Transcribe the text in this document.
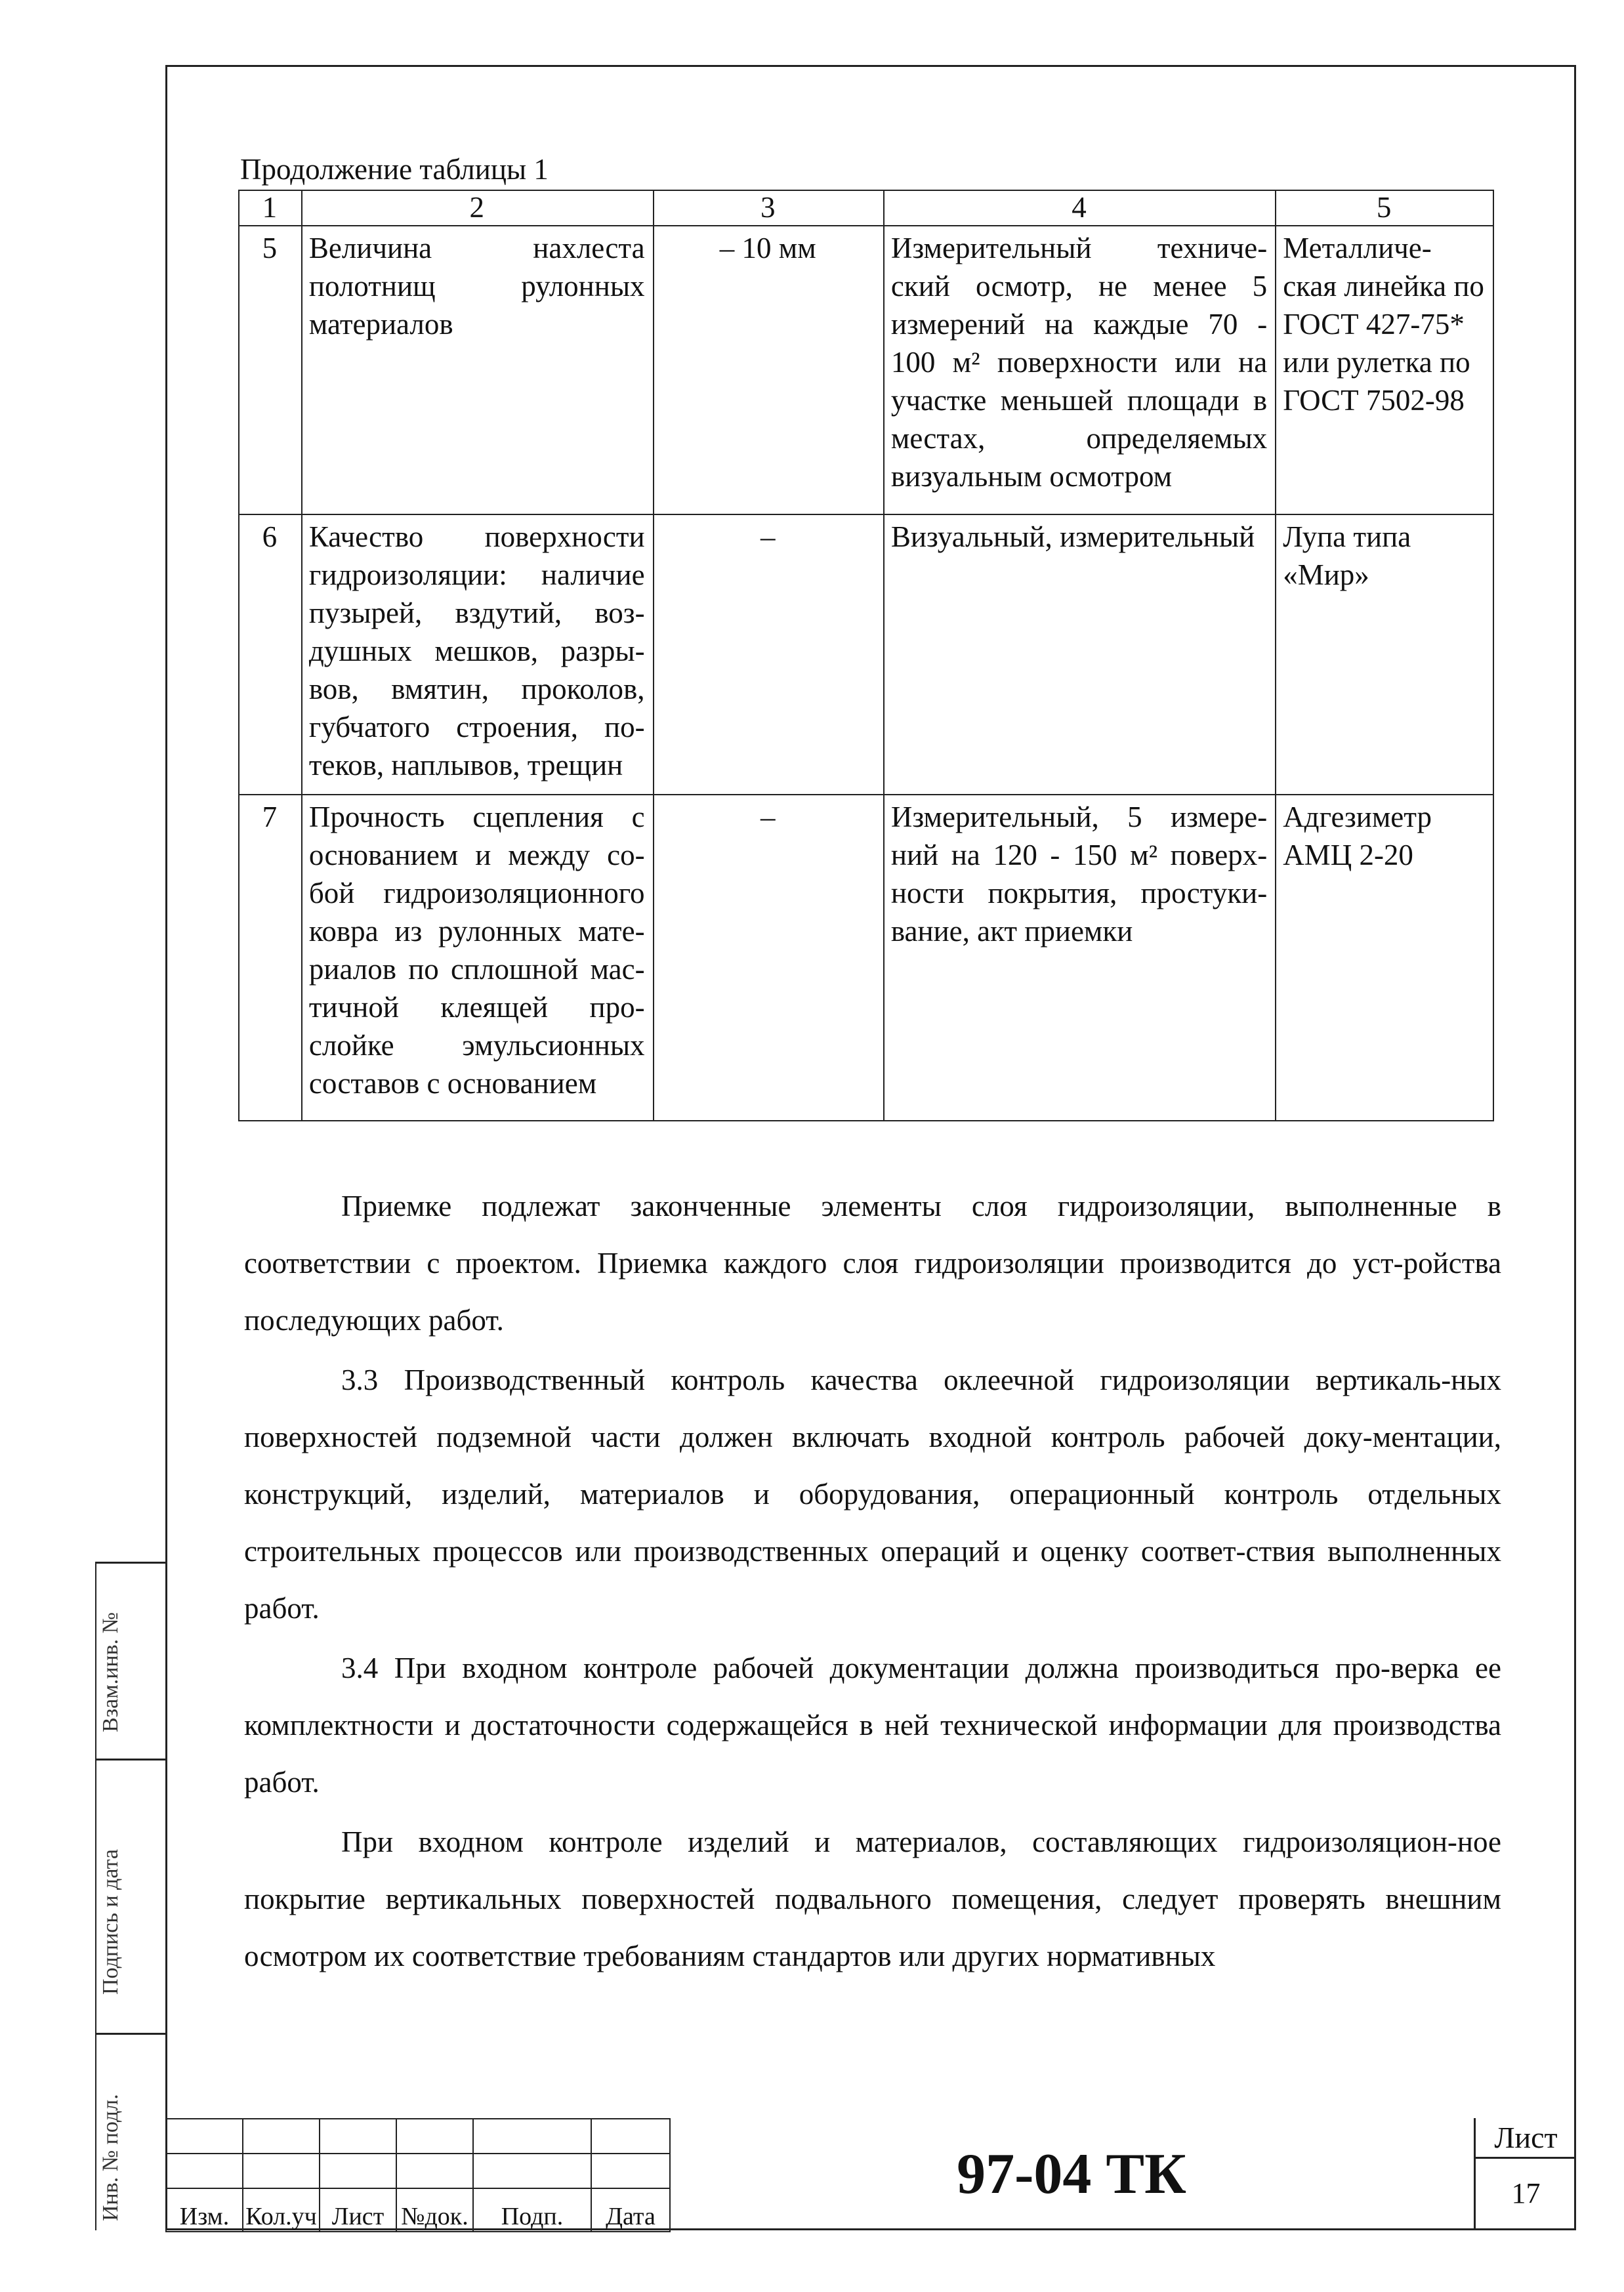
Взам.инв. №
Подпись и дата
Инв. № подл.
Продолжение таблицы 1
1	2	3	4	5
5	Величина нахлеста полотнищ рулонных материалов	– 10 мм	Измерительный техниче-ский осмотр, не менее 5 измерений на каждые 70 - 100 м² поверхности или на участке меньшей площади в местах, определяемых визуальным осмотром	Металличе-ская линейка по ГОСТ 427-75* или рулетка по ГОСТ 7502-98
6	Качество поверхности гидроизоляции: наличие пузырей, вздутий, воз-душных мешков, разры-вов, вмятин, проколов, губчатого строения, по-теков, наплывов, трещин	–	Визуальный, измерительный	Лупа типа «Мир»
7	Прочность сцепления с основанием и между со-бой гидроизоляционного ковра из рулонных мате-риалов по сплошной мас-тичной клеящей про-слойке эмульсионных составов с основанием	–	Измерительный, 5 измере-ний на 120 - 150 м² поверх-ности покрытия, простуки-вание, акт приемки	Адгезиметр АМЦ 2-20

Приемке подлежат законченные элементы слоя гидроизоляции, выполненные в соответствии с проектом. Приемка каждого слоя гидроизоляции производится до уст-ройства последующих работ.

3.3 Производственный контроль качества оклеечной гидроизоляции вертикаль-ных поверхностей подземной части должен включать входной контроль рабочей доку-ментации, конструкций, изделий, материалов и оборудования, операционный контроль отдельных строительных процессов или производственных операций и оценку соответ-ствия выполненных работ.

3.4 При входном контроле рабочей документации должна производиться про-верка ее комплектности и достаточности содержащейся в ней технической информации для производства работ.

При входном контроле изделий и материалов, составляющих гидроизоляцион-ное покрытие вертикальных поверхностей подвального помещения, следует проверять внешним осмотром их соответствие требованиям стандартов или других нормативных

Изм.	Кол.уч	Лист	№док.	Подп.	Дата
97-04 ТК
Лист
17
